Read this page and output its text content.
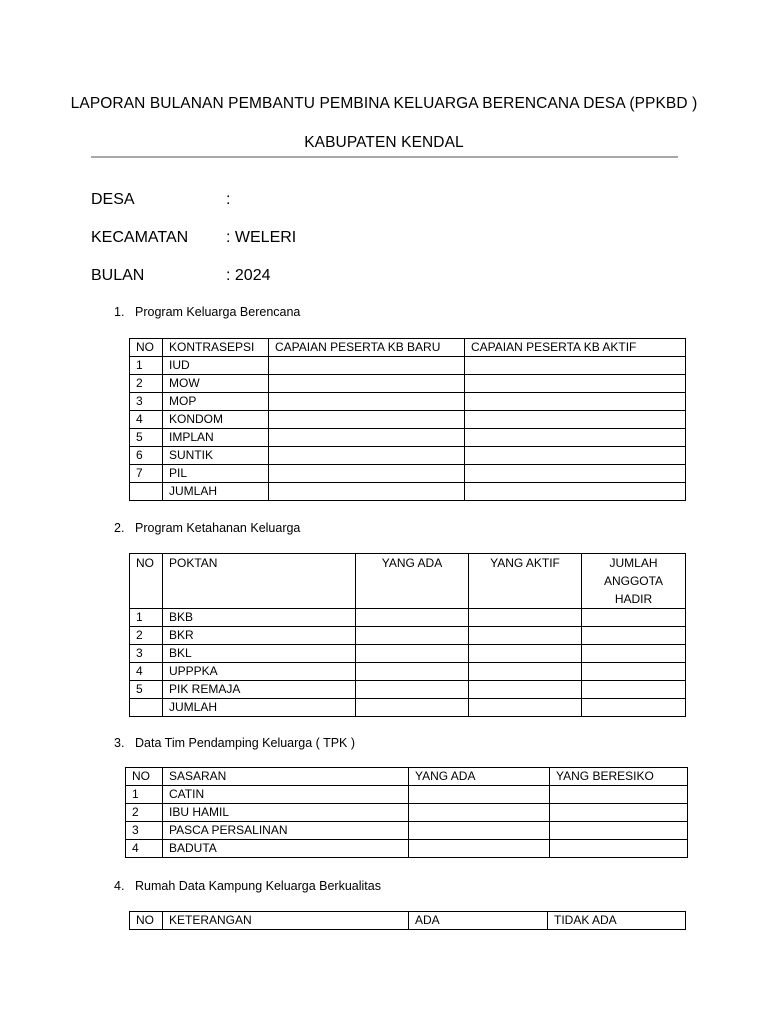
LAPORAN BULANAN PEMBANTU PEMBINA KELUARGA BERENCANA DESA (PPKBD )
KABUPATEN KENDAL
DESA	:
KECAMATAN : WELERI
BULAN	: 2024
1. Program Keluarga Berencana
NO	KONTRASEPSI	CAPAIAN PESERTA KB BARU	CAPAIAN PESERTA KB AKTIF
1	IUD		
2	MOW		
3	MOP		
4	KONDOM		
5	IMPLAN		
6	SUNTIK		
7	PIL		
	JUMLAH		
2. Program Ketahanan Keluarga
NO	POKTAN	YANG ADA	YANG AKTIF	JUMLAH ANGGOTA HADIR
1	BKB			
2	BKR			
3	BKL			
4	UPPPKA			
5	PIK REMAJA			
	JUMLAH			
3. Data Tim Pendamping Keluarga ( TPK )
NO	SASARAN	YANG ADA	YANG BERESIKO
1	CATIN		
2	IBU HAMIL		
3	PASCA PERSALINAN		
4	BADUTA		
4. Rumah Data Kampung Keluarga Berkualitas
NO	KETERANGAN	ADA	TIDAK ADA
